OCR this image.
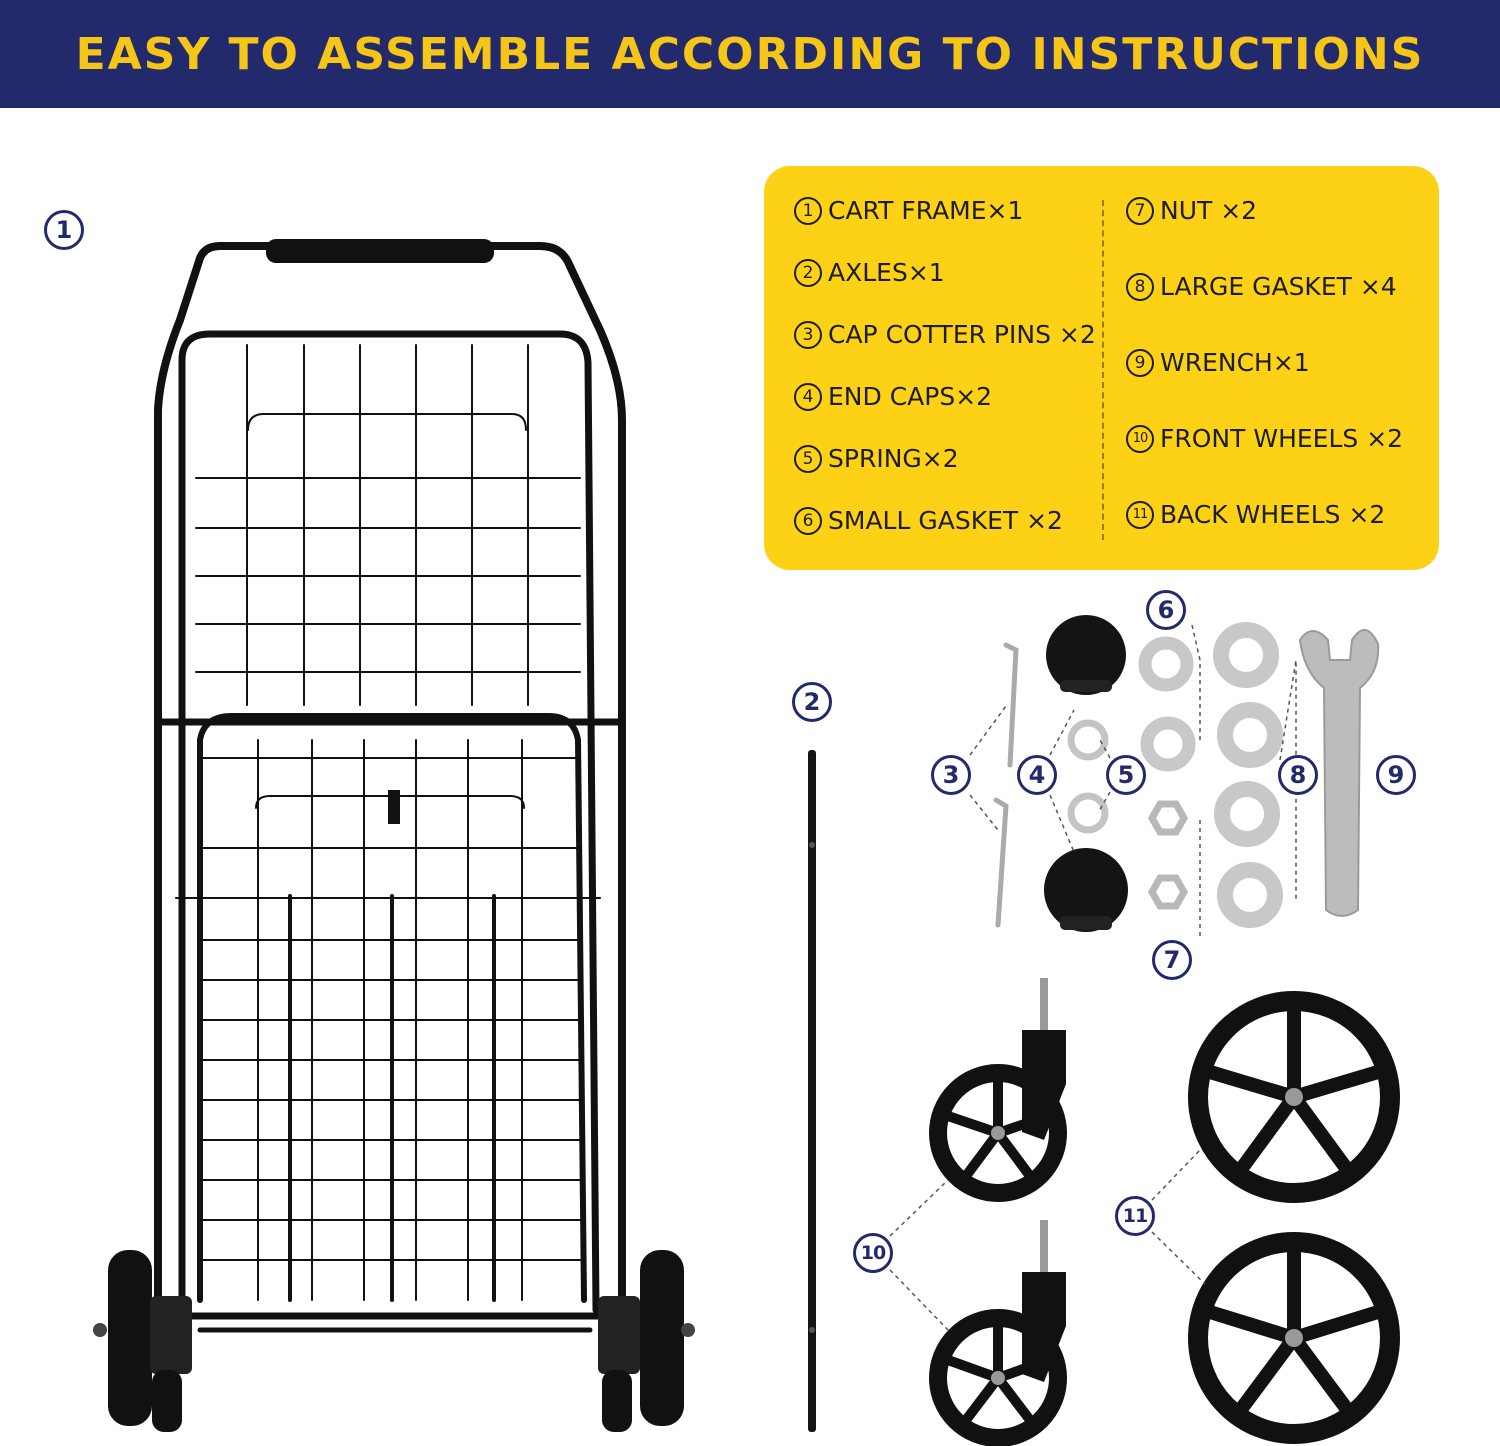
EASY TO ASSEMBLE ACCORDING TO INSTRUCTIONS
1 CART FRAME×1
2 AXLES×1
3 CAP COTTER PINS ×2
4 END CAPS×2
5 SPRING×2
6 SMALL GASKET ×2
7 NUT ×2
8 LARGE GASKET ×4
9 WRENCH×1
10 FRONT WHEELS ×2
11 BACK WHEELS ×2
1
2
3	4	5
6
7
8	9
10
11
